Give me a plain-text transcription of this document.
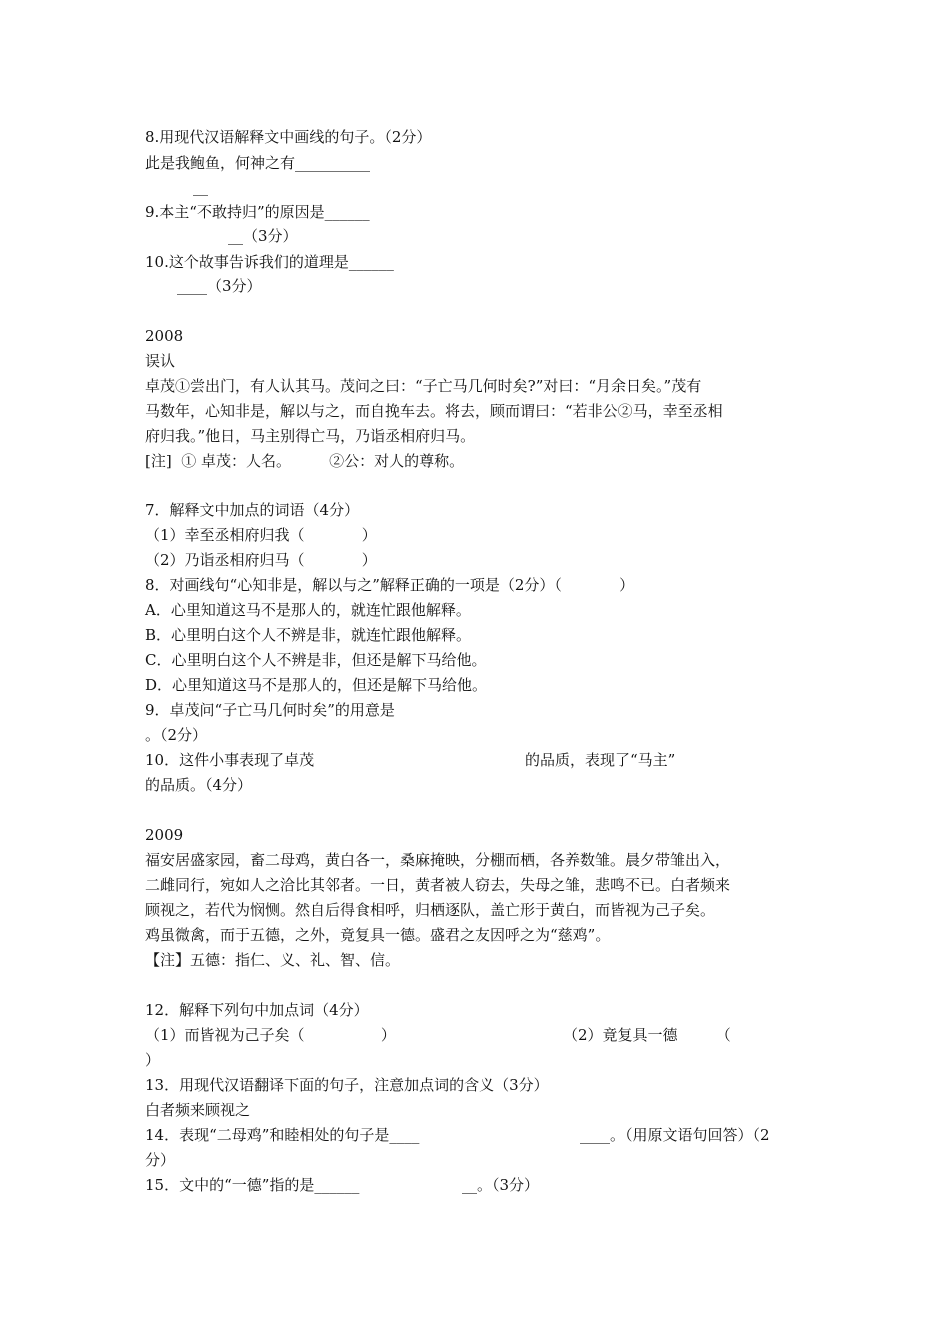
8.用现代汉语解释文中画线的句子。（2分）
此是我鲍鱼，何神之有__________
__
9.本主“不敢持归”的原因是______
__（3分）
10.这个故事告诉我们的道理是______
____（3分）
2008
误认
卓茂①尝出门，有人认其马。茂问之曰：“子亡马几何时矣?”对曰：“月余日矣。”茂有
马数年，心知非是，解以与之，而自挽车去。将去，顾而谓曰：“若非公②马，幸至丞相
府归我。”他日，马主别得亡马，乃诣丞相府归马。
[注]  ① 卓茂：人名。        ②公：对人的尊称。
7．解释文中加点的词语（4分）
（1）幸至丞相府归我（            ）
（2）乃诣丞相府归马（            ）
8．对画线句“心知非是，解以与之”解释正确的一项是（2分）（            ）
A．心里知道这马不是那人的，就连忙跟他解释。
B．心里明白这个人不辨是非，就连忙跟他解释。
C．心里明白这个人不辨是非，但还是解下马给他。
D．心里知道这马不是那人的，但还是解下马给他。
9．卓茂问“子亡马几何时矣”的用意是
。（2分）
10．这件小事表现了卓茂	的品质，表现了“马主”
的品质。（4分）
2009
福安居盛家园，畜二母鸡，黄白各一，桑麻掩映，分棚而栖，各养数雏。晨夕带雏出入，
二雌同行，宛如人之洽比其邻者。一日，黄者被人窃去，失母之雏，悲鸣不已。白者频来
顾视之，若代为悯恻。然自后得食相呼，归栖逐队，盖亡形于黄白，而皆视为己子矣。
鸡虽微禽，而于五德，之外，竟复具一德。盛君之友因呼之为“慈鸡”。
【注】五德：指仁、义、礼、智、信。
12．解释下列句中加点词（4分）
（1）而皆视为己子矣（                ）	（2）竟复具一德        （
）
13．用现代汉语翻译下面的句子，注意加点词的含义（3分）
白者频来顾视之
14．表现“二母鸡”和睦相处的句子是____	____。（用原文语句回答）（2
分）
15．文中的“一德”指的是______	__。（3分）
